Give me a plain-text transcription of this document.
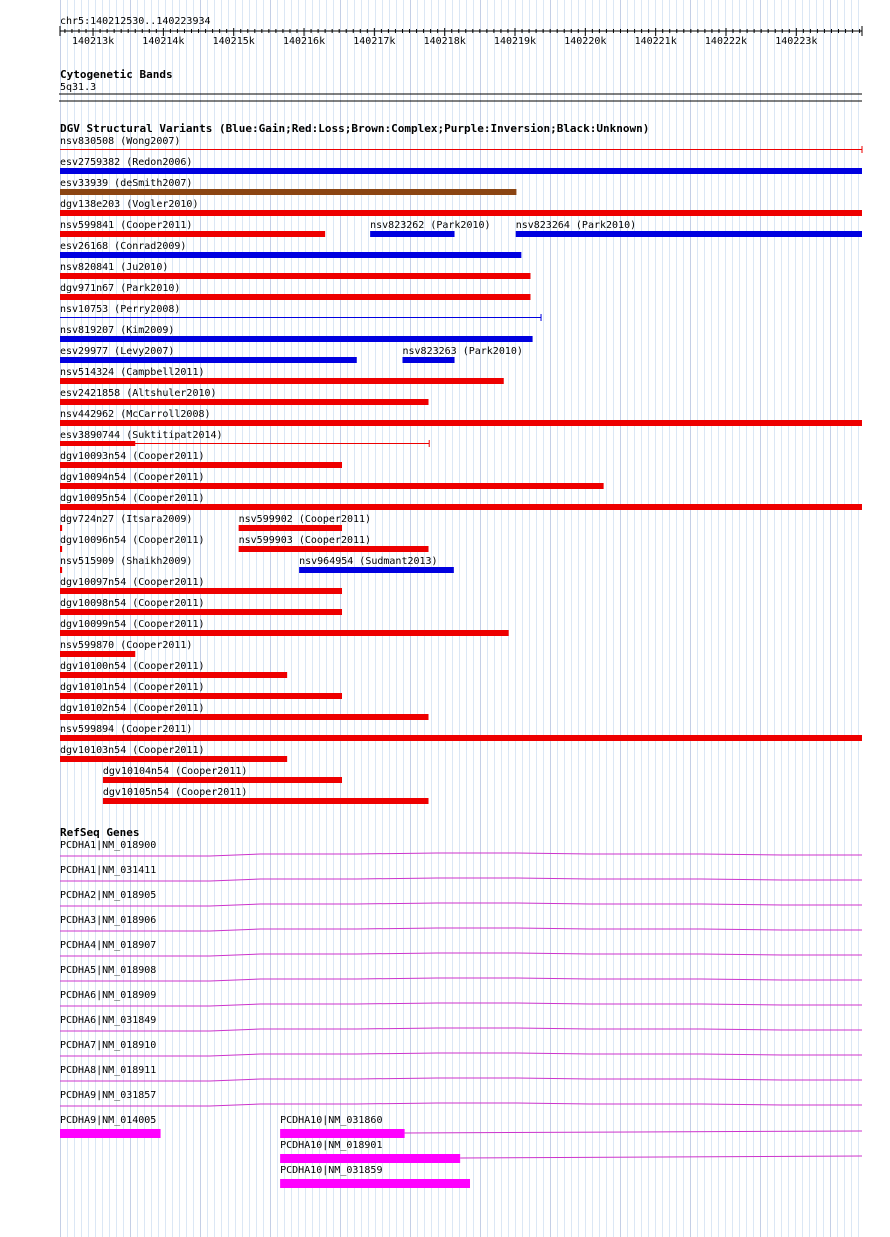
chr5:140212530..140223934
140213k	140214k	140215k	140216k	140217k	140218k	140219k	140220k	140221k	140222k	140223k
Cytogenetic Bands
5q31.3
DGV Structural Variants (Blue:Gain;Red:Loss;Brown:Complex;Purple:Inversion;Black:Unknown)
nsv830508 (Wong2007)
esv2759382 (Redon2006)
esv33939 (deSmith2007)
dgv138e203 (Vogler2010)
nsv599841 (Cooper2011)	nsv823262 (Park2010)	nsv823264 (Park2010)
esv26168 (Conrad2009)
nsv820841 (Ju2010)
dgv971n67 (Park2010)
nsv10753 (Perry2008)
nsv819207 (Kim2009)
esv29977 (Levy2007)	nsv823263 (Park2010)
nsv514324 (Campbell2011)
esv2421858 (Altshuler2010)
nsv442962 (McCarroll2008)
esv3890744 (Suktitipat2014)
dgv10093n54 (Cooper2011)
dgv10094n54 (Cooper2011)
dgv10095n54 (Cooper2011)
dgv724n27 (Itsara2009)	nsv599902 (Cooper2011)
dgv10096n54 (Cooper2011)	nsv599903 (Cooper2011)
nsv515909 (Shaikh2009)	nsv964954 (Sudmant2013)
dgv10097n54 (Cooper2011)
dgv10098n54 (Cooper2011)
dgv10099n54 (Cooper2011)
nsv599870 (Cooper2011)
dgv10100n54 (Cooper2011)
dgv10101n54 (Cooper2011)
dgv10102n54 (Cooper2011)
nsv599894 (Cooper2011)
dgv10103n54 (Cooper2011)
dgv10104n54 (Cooper2011)
dgv10105n54 (Cooper2011)
RefSeq Genes
PCDHA1|NM_018900
PCDHA1|NM_031411
PCDHA2|NM_018905
PCDHA3|NM_018906
PCDHA4|NM_018907
PCDHA5|NM_018908
PCDHA6|NM_018909
PCDHA6|NM_031849
PCDHA7|NM_018910
PCDHA8|NM_018911
PCDHA9|NM_031857
PCDHA9|NM_014005	PCDHA10|NM_031860
PCDHA10|NM_018901
PCDHA10|NM_031859
